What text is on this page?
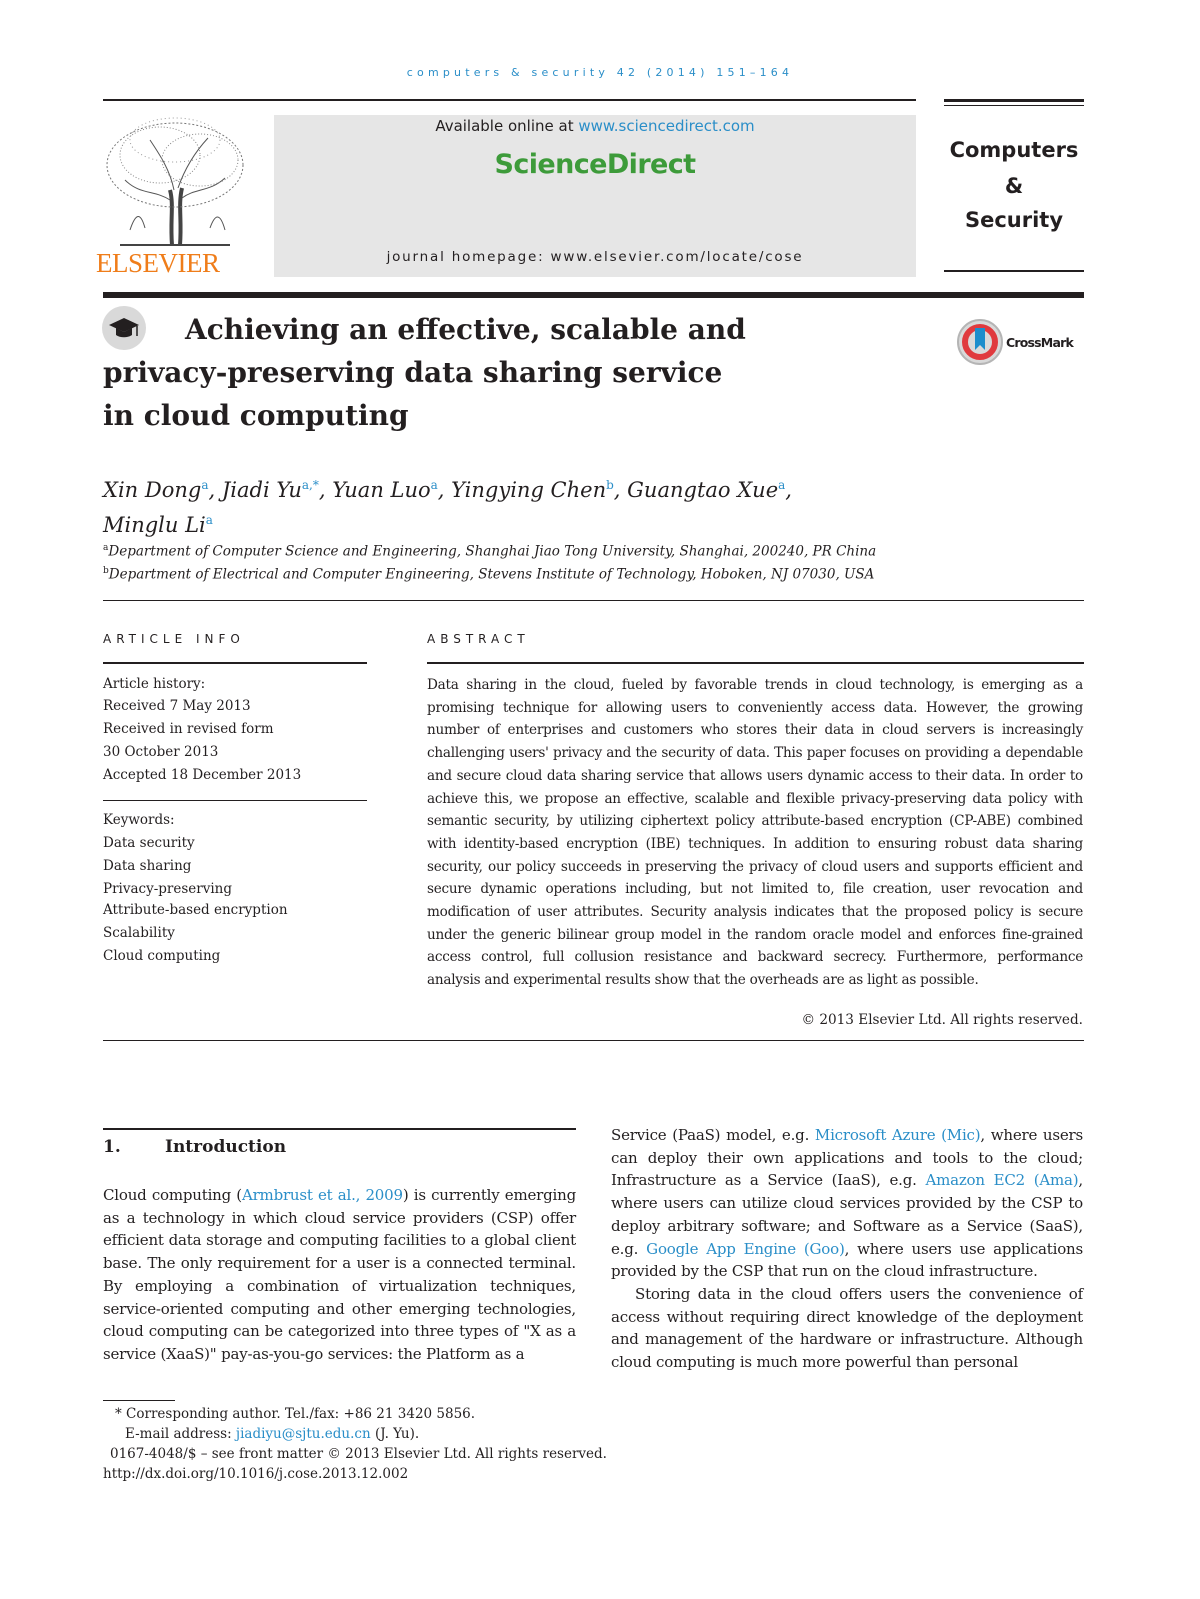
computers & security 42 (2014) 151–164
ELSEVIER
Available online at www.sciencedirect.com
ScienceDirect
journal homepage: www.elsevier.com/locate/cose
Computers
&
Security
Achieving an effective, scalable and
privacy-preserving data sharing service
in cloud computing
CrossMark
Xin Dong$^a$, Jiadi $Yu^{a,*}$, Yuan Luo$^a$, Yingying Chen$^b$, Guangtao Xue$^a$,
Minglu Li$^a$
$^a$Department of Computer Science and Engineering, Shanghai Jiao Tong University, Shanghai, 200240, PR China
$^b$Department of Electrical and Computer Engineering, Stevens Institute of Technology, Hoboken, NJ 07030, USA
ARTICLE INFO
Article history:
Received 7 May 2013
Received in revised form
30 October 2013
Accepted 18 December 2013
Keywords:
Data security
Data sharing
Privacy-preserving
Attribute-based encryption
Scalability
Cloud computing
ABSTRACT
Data sharing in the cloud, fueled by favorable trends in cloud technology, is emerging as a promising technique for allowing users to conveniently access data. However, the growing number of enterprises and customers who stores their data in cloud servers is increasingly challenging users' privacy and the security of data. This paper focuses on providing a dependable and secure cloud data sharing service that allows users dynamic access to their data. In order to achieve this, we propose an effective, scalable and flexible privacy-preserving data policy with semantic security, by utilizing ciphertext policy attribute-based encryption (CP-ABE) combined with identity-based encryption (IBE) techniques. In addition to ensuring robust data sharing security, our policy succeeds in preserving the privacy of cloud users and supports efficient and secure dynamic operations including, but not limited to, file creation, user revocation and modification of user attributes. Security analysis indicates that the proposed policy is secure under the generic bilinear group model in the random oracle model and enforces fine-grained access control, full collusion resistance and backward secrecy. Furthermore, performance analysis and experimental results show that the overheads are as light as possible.
© 2013 Elsevier Ltd. All rights reserved.
1.	Introduction
Cloud computing (Armbrust et al., 2009) is currently emerging as a technology in which cloud service providers (CSP) offer efficient data storage and computing facilities to a global client base. The only requirement for a user is a connected terminal. By employing a combination of virtualization techniques, service-oriented computing and other emerging technologies, cloud computing can be categorized into three types of "X as a service (XaaS)" pay-as-you-go services: the Platform as a
Service (PaaS) model, e.g. Microsoft Azure (Mic), where users can deploy their own applications and tools to the cloud; Infrastructure as a Service (IaaS), e.g. Amazon EC2 (Ama), where users can utilize cloud services provided by the CSP to deploy arbitrary software; and Software as a Service (SaaS), e.g. Google App Engine (Goo), where users use applications provided by the CSP that run on the cloud infrastructure.
Storing data in the cloud offers users the convenience of access without requiring direct knowledge of the deployment and management of the hardware or infrastructure. Although cloud computing is much more powerful than personal
* Corresponding author. Tel./fax: +86 21 3420 5856.
E-mail address: jiadiyu@sjtu.edu.cn (J. Yu).
0167-4048/$ – see front matter © 2013 Elsevier Ltd. All rights reserved.
http://dx.doi.org/10.1016/j.cose.2013.12.002
